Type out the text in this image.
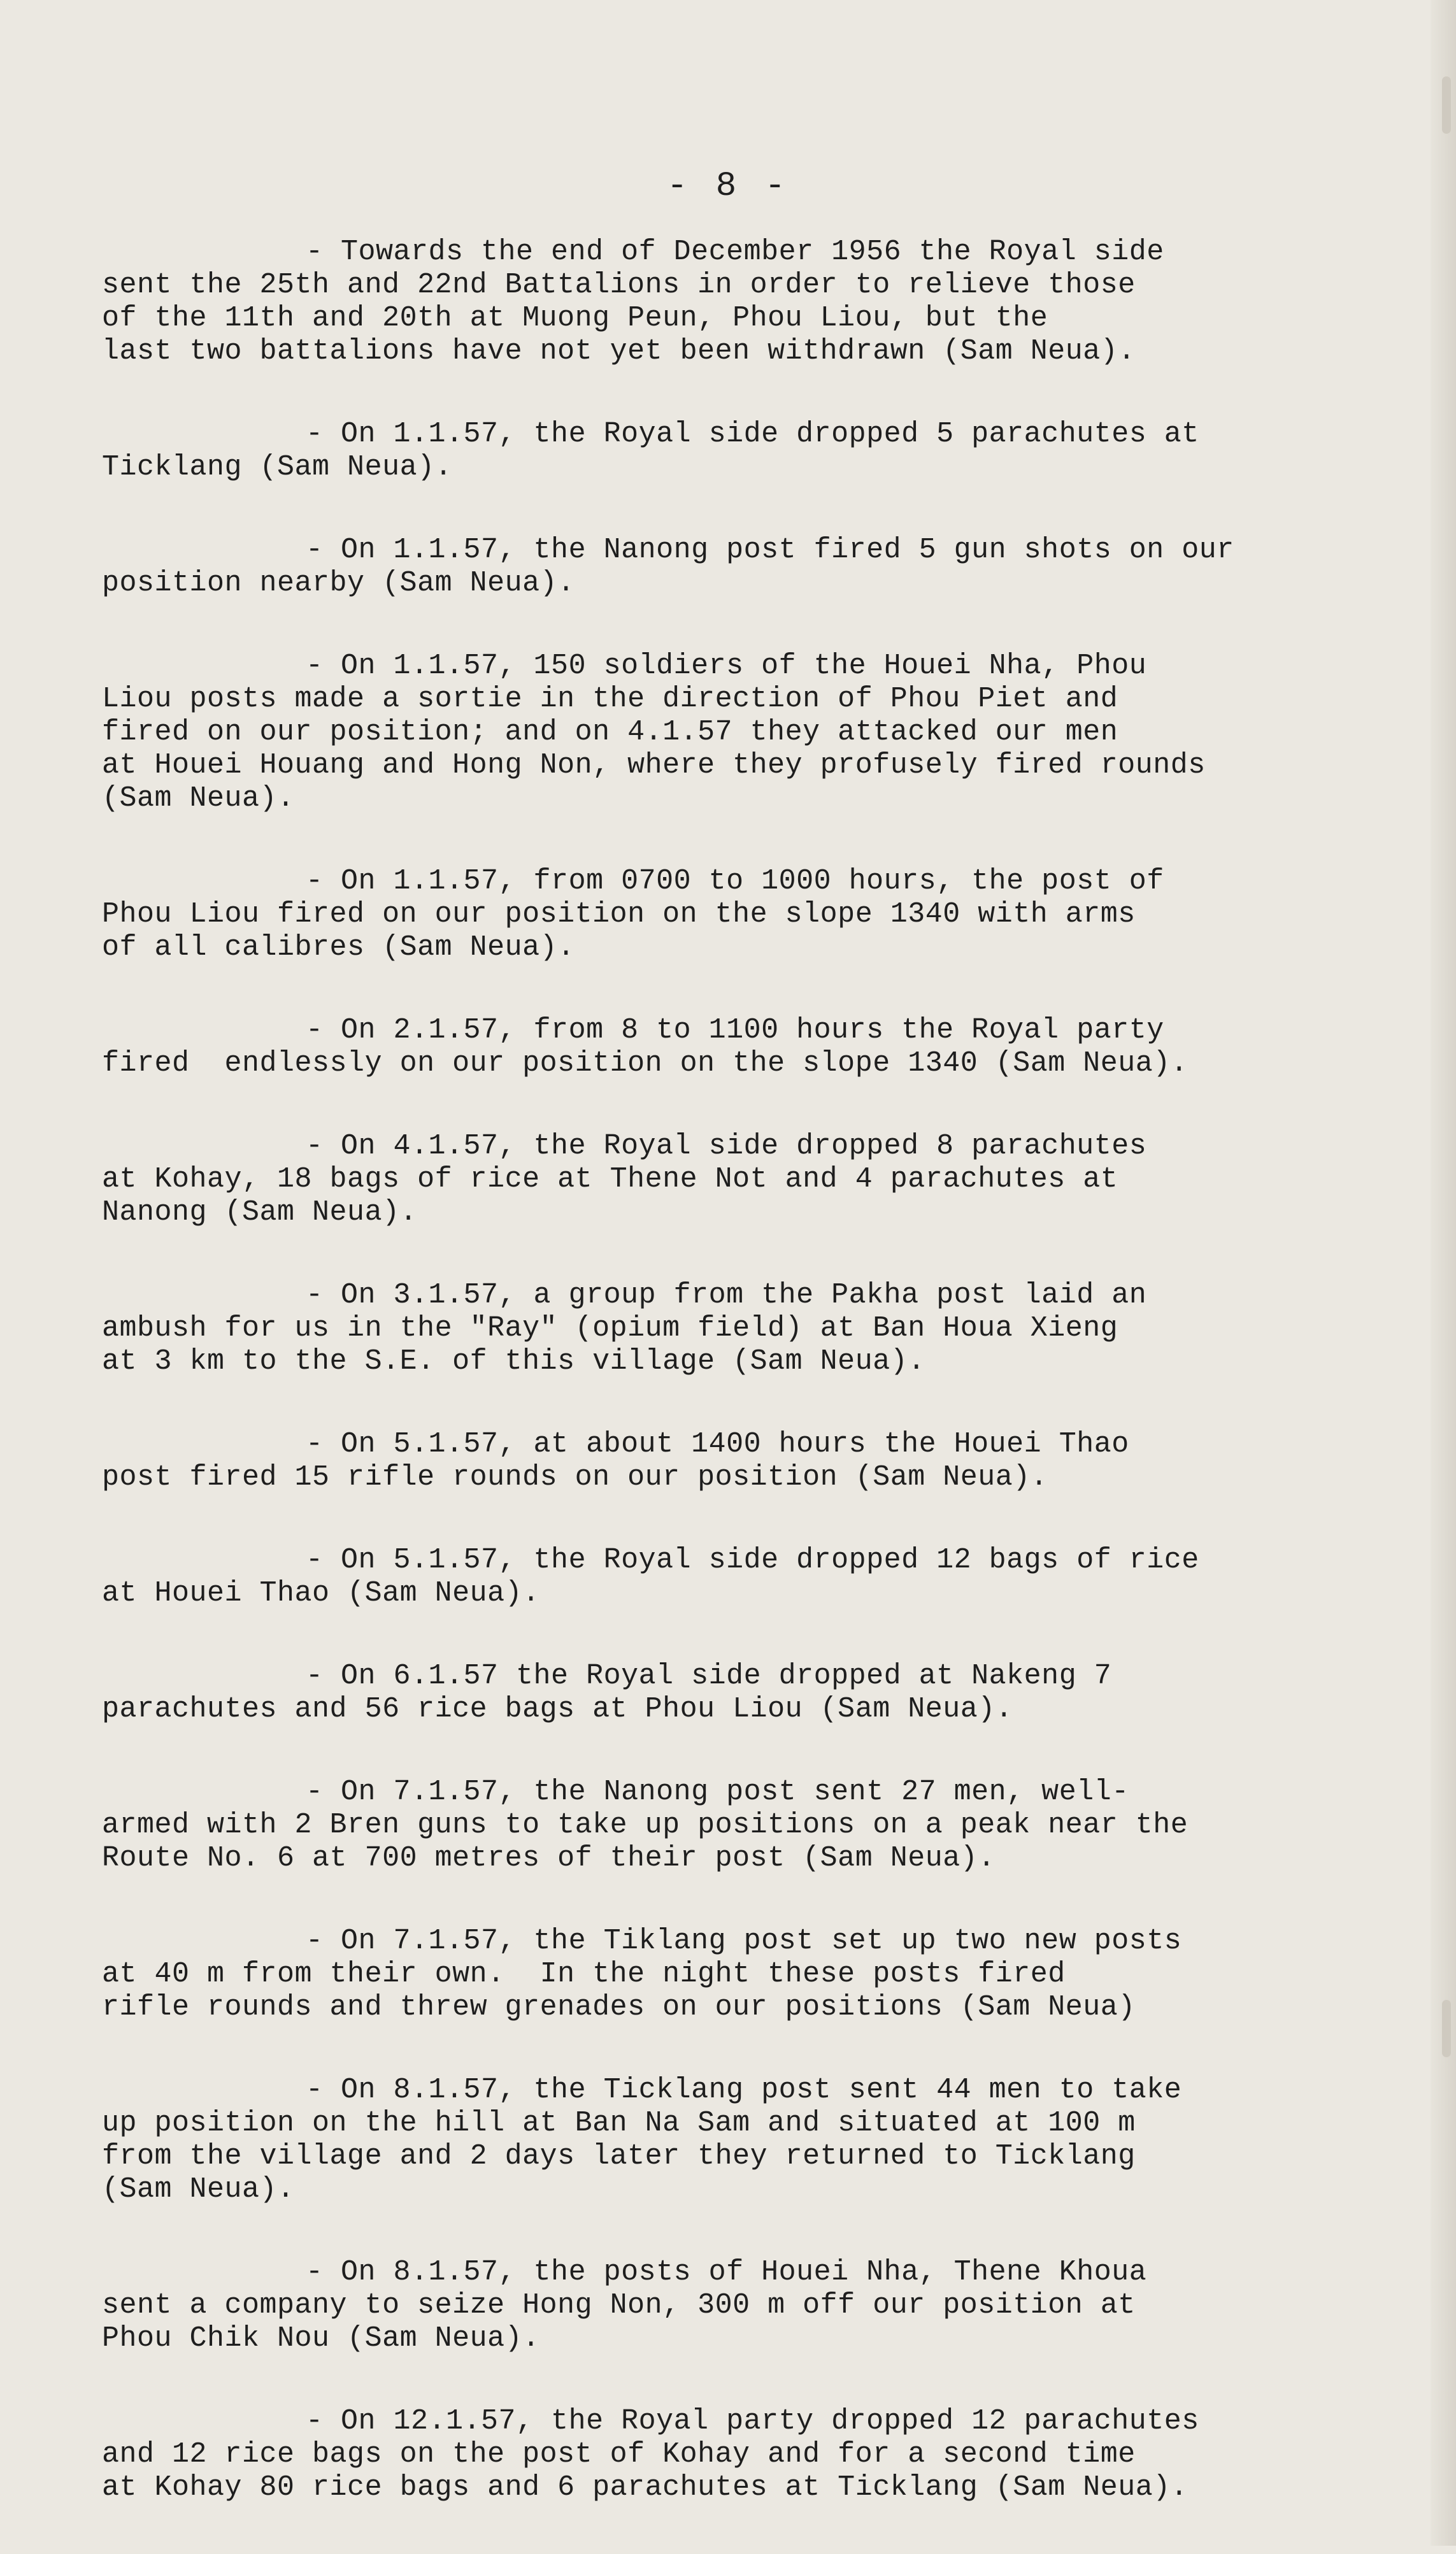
- 8 -
- Towards the end of December 1956 the Royal side
sent the 25th and 22nd Battalions in order to relieve those
of the 11th and 20th at Muong Peun, Phou Liou, but the
last two battalions have not yet been withdrawn (Sam Neua).
- On 1.1.57, the Royal side dropped 5 parachutes at
Ticklang (Sam Neua).
- On 1.1.57, the Nanong post fired 5 gun shots on our
position nearby (Sam Neua).
- On 1.1.57, 150 soldiers of the Houei Nha, Phou
Liou posts made a sortie in the direction of Phou Piet and
fired on our position; and on 4.1.57 they attacked our men
at Houei Houang and Hong Non, where they profusely fired rounds
(Sam Neua).
- On 1.1.57, from 0700 to 1000 hours, the post of
Phou Liou fired on our position on the slope 1340 with arms
of all calibres (Sam Neua).
- On 2.1.57, from 8 to 1100 hours the Royal party
fired  endlessly on our position on the slope 1340 (Sam Neua).
- On 4.1.57, the Royal side dropped 8 parachutes
at Kohay, 18 bags of rice at Thene Not and 4 parachutes at
Nanong (Sam Neua).
- On 3.1.57, a group from the Pakha post laid an
ambush for us in the "Ray" (opium field) at Ban Houa Xieng
at 3 km to the S.E. of this village (Sam Neua).
- On 5.1.57, at about 1400 hours the Houei Thao
post fired 15 rifle rounds on our position (Sam Neua).
- On 5.1.57, the Royal side dropped 12 bags of rice
at Houei Thao (Sam Neua).
- On 6.1.57 the Royal side dropped at Nakeng 7
parachutes and 56 rice bags at Phou Liou (Sam Neua).
- On 7.1.57, the Nanong post sent 27 men, well-
armed with 2 Bren guns to take up positions on a peak near the
Route No. 6 at 700 metres of their post (Sam Neua).
- On 7.1.57, the Tiklang post set up two new posts
at 40 m from their own.  In the night these posts fired
rifle rounds and threw grenades on our positions (Sam Neua)
- On 8.1.57, the Ticklang post sent 44 men to take
up position on the hill at Ban Na Sam and situated at 100 m
from the village and 2 days later they returned to Ticklang
(Sam Neua).
- On 8.1.57, the posts of Houei Nha, Thene Khoua
sent a company to seize Hong Non, 300 m off our position at
Phou Chik Nou (Sam Neua).
- On 12.1.57, the Royal party dropped 12 parachutes
and 12 rice bags on the post of Kohay and for a second time
at Kohay 80 rice bags and 6 parachutes at Ticklang (Sam Neua).
